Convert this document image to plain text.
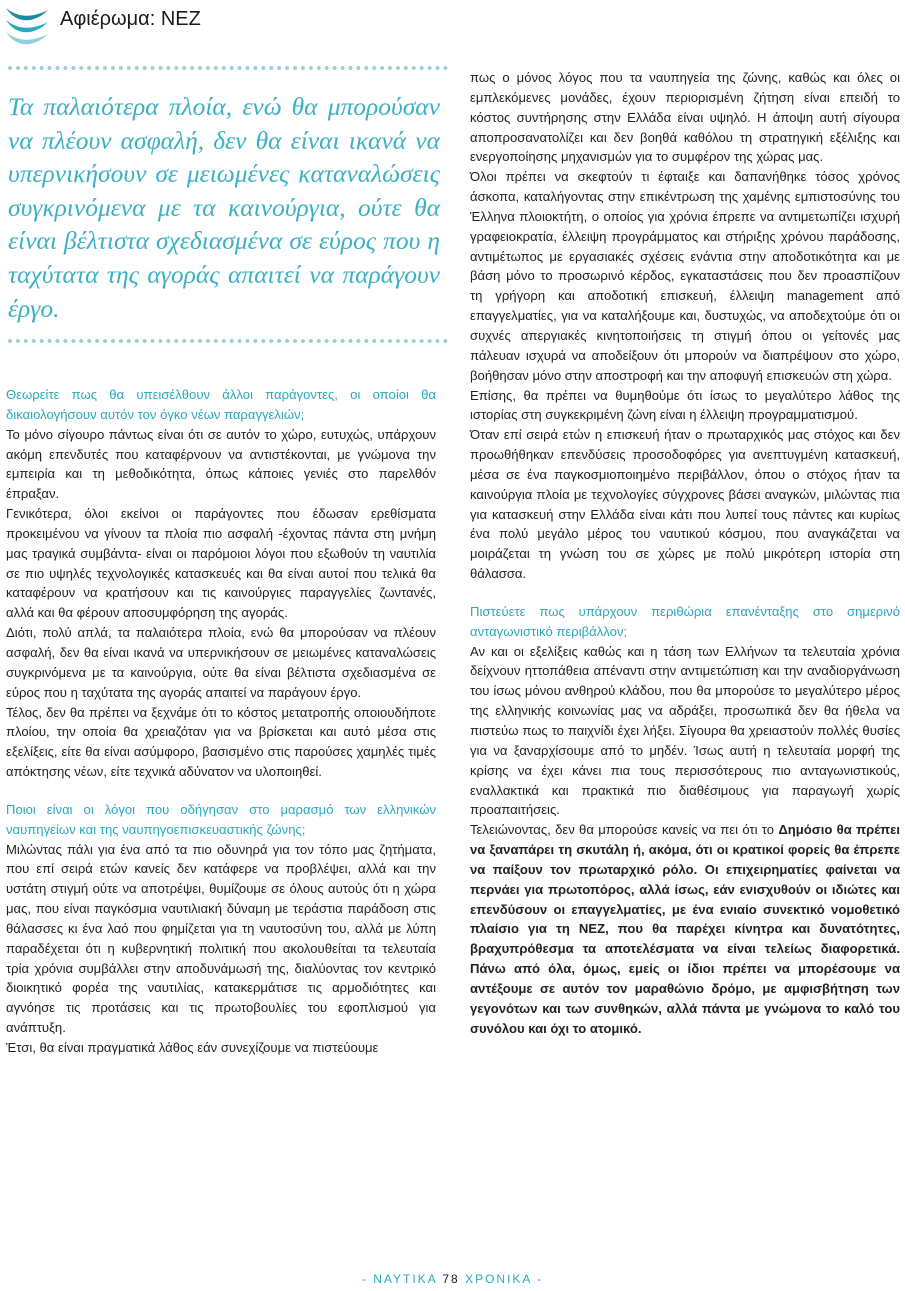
Αφιέρωμα: ΝΕΖ

Τα παλαιότερα πλοία, ενώ θα μπορούσαν να πλέουν ασφαλή, δεν θα είναι ικανά να υπερνικήσουν σε μειωμένες καταναλώσεις συγκρινόμενα με τα καινούργια, ούτε θα είναι βέλτιστα σχεδιασμένα σε εύρος που η ταχύτατα της αγοράς απαιτεί να παράγουν έργο.

Θεωρείτε πως θα υπεισέλθουν άλλοι παράγοντες, οι οποίοι θα δικαιολογήσουν αυτόν τον όγκο νέων παραγγελιών;

Το μόνο σίγουρο πάντως είναι ότι σε αυτόν το χώρο, ευτυχώς, υπάρχουν ακόμη επενδυτές που καταφέρνουν να αντιστέκονται, με γνώμονα την εμπειρία και τη μεθοδικότητα, όπως κάποιες γενιές στο παρελθόν έπραξαν.

Γενικότερα, όλοι εκείνοι οι παράγοντες που έδωσαν ερεθίσματα προκειμένου να γίνουν τα πλοία πιο ασφαλή -έχοντας πάντα στη μνήμη μας τραγικά συμβάντα- είναι οι παρόμοιοι λόγοι που εξωθούν τη ναυτιλία σε πιο υψηλές τεχνολογικές κατασκευές και θα είναι αυτοί που τελικά θα καταφέρουν να κρατήσουν και τις καινούργιες παραγγελίες ζωντανές, αλλά και θα φέρουν αποσυμφόρηση της αγοράς.

Διότι, πολύ απλά, τα παλαιότερα πλοία, ενώ θα μπορούσαν να πλέουν ασφαλή, δεν θα είναι ικανά να υπερνικήσουν σε μειωμένες καταναλώσεις συγκρινόμενα με τα καινούργια, ούτε θα είναι βέλτιστα σχεδιασμένα σε εύρος που η ταχύτατα της αγοράς απαιτεί να παράγουν έργο.

Τέλος, δεν θα πρέπει να ξεχνάμε ότι το κόστος μετατροπής οποιουδήποτε πλοίου, την οποία θα χρειαζόταν για να βρίσκεται και αυτό μέσα στις εξελίξεις, είτε θα είναι ασύμφορο, βασισμένο στις παρούσες χαμηλές τιμές απόκτησης νέων, είτε τεχνικά αδύνατον να υλοποιηθεί.

Ποιοι είναι οι λόγοι που οδήγησαν στο μαρασμό των ελληνικών ναυπηγείων και της ναυπηγοεπισκευαστικής ζώνης;

Μιλώντας πάλι για ένα από τα πιο οδυνηρά για τον τόπο μας ζητήματα, που επί σειρά ετών κανείς δεν κατάφερε να προβλέψει, αλλά και την υστάτη στιγμή ούτε να αποτρέψει, θυμίζουμε σε όλους αυτούς ότι η χώρα μας, που είναι παγκόσμια ναυτιλιακή δύναμη με τεράστια παράδοση στις θάλασσες κι ένα λαό που φημίζεται για τη ναυτοσύνη του, αλλά με λύπη παραδέχεται ότι η κυβερνητική πολιτική που ακολουθείται τα τελευταία τρία χρόνια συμβάλλει στην αποδυνάμωσή της, διαλύοντας τον κεντρικό διοικητικό φορέα της ναυτιλίας, κατακερμάτισε τις αρμοδιότητες και αγνόησε τις προτάσεις και τις πρωτοβουλίες του εφοπλισμού για ανάπτυξη.

Έτσι, θα είναι πραγματικά λάθος εάν συνεχίζουμε να πιστεύουμε

πως ο μόνος λόγος που τα ναυπηγεία της ζώνης, καθώς και όλες οι εμπλεκόμενες μονάδες, έχουν περιορισμένη ζήτηση είναι επειδή το κόστος συντήρησης στην Ελλάδα είναι υψηλό. Η άποψη αυτή σίγουρα αποπροσανατολίζει και δεν βοηθά καθόλου τη στρατηγική εξέλιξης και ενεργοποίησης μηχανισμών για το συμφέρον της χώρας μας.

Όλοι πρέπει να σκεφτούν τι έφταιξε και δαπανήθηκε τόσος χρόνος άσκοπα, καταλήγοντας στην επικέντρωση της χαμένης εμπιστοσύνης του Έλληνα πλοιοκτήτη, ο οποίος για χρόνια έπρεπε να αντιμετωπίζει ισχυρή γραφειοκρατία, έλλειψη προγράμματος και στήριξης χρόνου παράδοσης, αντιμέτωπος με εργασιακές σχέσεις ενάντια στην αποδοτικότητα και με βάση μόνο το προσωρινό κέρδος, εγκαταστάσεις που δεν προασπίζουν τη γρήγορη και αποδοτική επισκευή, έλλειψη management από επαγγελματίες, για να καταλήξουμε και, δυστυχώς, να αποδεχτούμε ότι οι συχνές απεργιακές κινητοποιήσεις τη στιγμή όπου οι γείτονές μας πάλευαν ισχυρά να αποδείξουν ότι μπορούν να διαπρέψουν στο χώρο, βοήθησαν μόνο στην αποστροφή και την αποφυγή επισκευών στη χώρα.

Επίσης, θα πρέπει να θυμηθούμε ότι ίσως το μεγαλύτερο λάθος της ιστορίας στη συγκεκριμένη ζώνη είναι η έλλειψη προγραμματισμού.

Όταν επί σειρά ετών η επισκευή ήταν ο πρωταρχικός μας στόχος και δεν προωθήθηκαν επενδύσεις προσοδοφόρες για ανεπτυγμένη κατασκευή, μέσα σε ένα παγκοσμιοποιημένο περιβάλλον, όπου ο στόχος ήταν τα καινούργια πλοία με τεχνολογίες σύγχρονες βάσει αναγκών, μιλώντας πια για κατασκευή στην Ελλάδα είναι κάτι που λυπεί τους πάντες και κυρίως ένα πολύ μεγάλο μέρος του ναυτικού κόσμου, που αναγκάζεται να μοιράζεται τη γνώση του σε χώρες με πολύ μικρότερη ιστορία στη θάλασσα.

Πιστεύετε πως υπάρχουν περιθώρια επανένταξης στο σημερινό ανταγωνιστικό περιβάλλον;

Αν και οι εξελίξεις καθώς και η τάση των Ελλήνων τα τελευταία χρόνια δείχνουν ηττοπάθεια απέναντι στην αντιμετώπιση και την αναδιοργάνωση του ίσως μόνου ανθηρού κλάδου, που θα μπορούσε το μεγαλύτερο μέρος της ελληνικής κοινωνίας μας να αδράξει, προσωπικά δεν θα ήθελα να πιστεύω πως το παιχνίδι έχει λήξει. Σίγουρα θα χρειαστούν πολλές θυσίες για να ξαναρχίσουμε από το μηδέν. Ίσως αυτή η τελευταία μορφή της κρίσης να έχει κάνει πια τους περισσότερους πιο ανταγωνιστικούς, εναλλακτικά και πρακτικά πιο διαθέσιμους για παραγωγή χωρίς προαπαιτήσεις.

Τελειώνοντας, δεν θα μπορούσε κανείς να πει ότι το Δημόσιο θα πρέπει να ξαναπάρει τη σκυτάλη ή, ακόμα, ότι οι κρατικοί φορείς θα έπρεπε να παίξουν τον πρωταρχικό ρόλο. Οι επιχειρηματίες φαίνεται να περνάει για πρωτοπόρος, αλλά ίσως, εάν ενισχυθούν οι ιδιώτες και επενδύσουν οι επαγγελματίες, με ένα ενιαίο συνεκτικό νομοθετικό πλαίσιο για τη ΝΕΖ, που θα παρέχει κίνητρα και δυνατότητες, βραχυπρόθεσμα τα αποτελέσματα να είναι τελείως διαφορετικά. Πάνω από όλα, όμως, εμείς οι ίδιοι πρέπει να μπορέσουμε να αντέξουμε σε αυτόν τον μαραθώνιο δρόμο, με αμφισβήτηση των γεγονότων και των συνθηκών, αλλά πάντα με γνώμονα το καλό του συνόλου και όχι το ατομικό.

- ΝΑΥΤΙΚΑ 78 ΧΡΟΝΙΚΑ -
